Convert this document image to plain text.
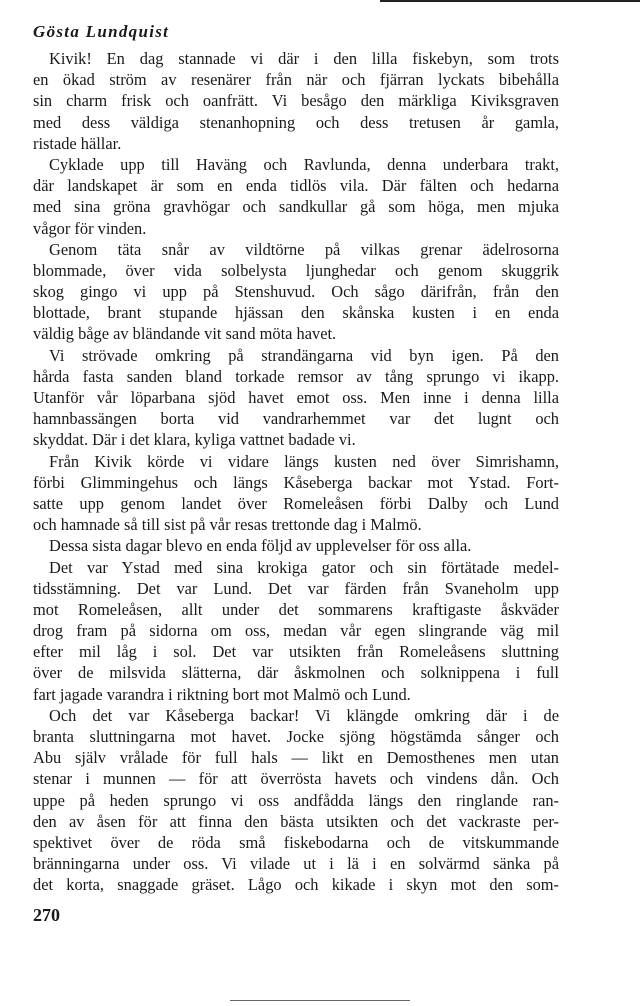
Gösta Lundquist
Kivik! En dag stannade vi där i den lilla fiskebyn, som trots
en ökad ström av resenärer från när och fjärran lyckats bibehålla
sin charm frisk och oanfrätt. Vi besågo den märkliga Kiviksgraven
med dess väldiga stenanhopning och dess tretusen år gamla,
ristade hällar.
Cyklade upp till Haväng och Ravlunda, denna underbara trakt,
där landskapet är som en enda tidlös vila. Där fälten och hedarna
med sina gröna gravhögar och sandkullar gå som höga, men mjuka
vågor för vinden.
Genom täta snår av vildtörne på vilkas grenar ädelrosorna
blommade, över vida solbelysta ljunghedar och genom skuggrik
skog gingo vi upp på Stenshuvud. Och sågo därifrån, från den
blottade, brant stupande hjässan den skånska kusten i en enda
väldig båge av bländande vit sand möta havet.
Vi strövade omkring på strandängarna vid byn igen. På den
hårda fasta sanden bland torkade remsor av tång sprungo vi ikapp.
Utanför vår löparbana sjöd havet emot oss. Men inne i denna lilla
hamnbassängen borta vid vandrarhemmet var det lugnt och
skyddat. Där i det klara, kyliga vattnet badade vi.
Från Kivik körde vi vidare längs kusten ned över Simrishamn,
förbi Glimmingehus och längs Kåseberga backar mot Ystad. Fort-
satte upp genom landet över Romeleåsen förbi Dalby och Lund
och hamnade så till sist på vår resas trettonde dag i Malmö.
Dessa sista dagar blevo en enda följd av upplevelser för oss alla.
Det var Ystad med sina krokiga gator och sin förtätade medel-
tidsstämning. Det var Lund. Det var färden från Svaneholm upp
mot Romeleåsen, allt under det sommarens kraftigaste åskväder
drog fram på sidorna om oss, medan vår egen slingrande väg mil
efter mil låg i sol. Det var utsikten från Romeleåsens sluttning
över de milsvida slätterna, där åskmolnen och solknippena i full
fart jagade varandra i riktning bort mot Malmö och Lund.
Och det var Kåseberga backar! Vi klängde omkring där i de
branta sluttningarna mot havet. Jocke sjöng högstämda sånger och
Abu själv vrålade för full hals — likt en Demosthenes men utan
stenar i munnen — för att överrösta havets och vindens dån. Och
uppe på heden sprungo vi oss andfådda längs den ringlande ran-
den av åsen för att finna den bästa utsikten och det vackraste per-
spektivet över de röda små fiskebodarna och de vitskummande
bränningarna under oss. Vi vilade ut i lä i en solvärmd sänka på
det korta, snaggade gräset. Lågo och kikade i skyn mot den som-
270
